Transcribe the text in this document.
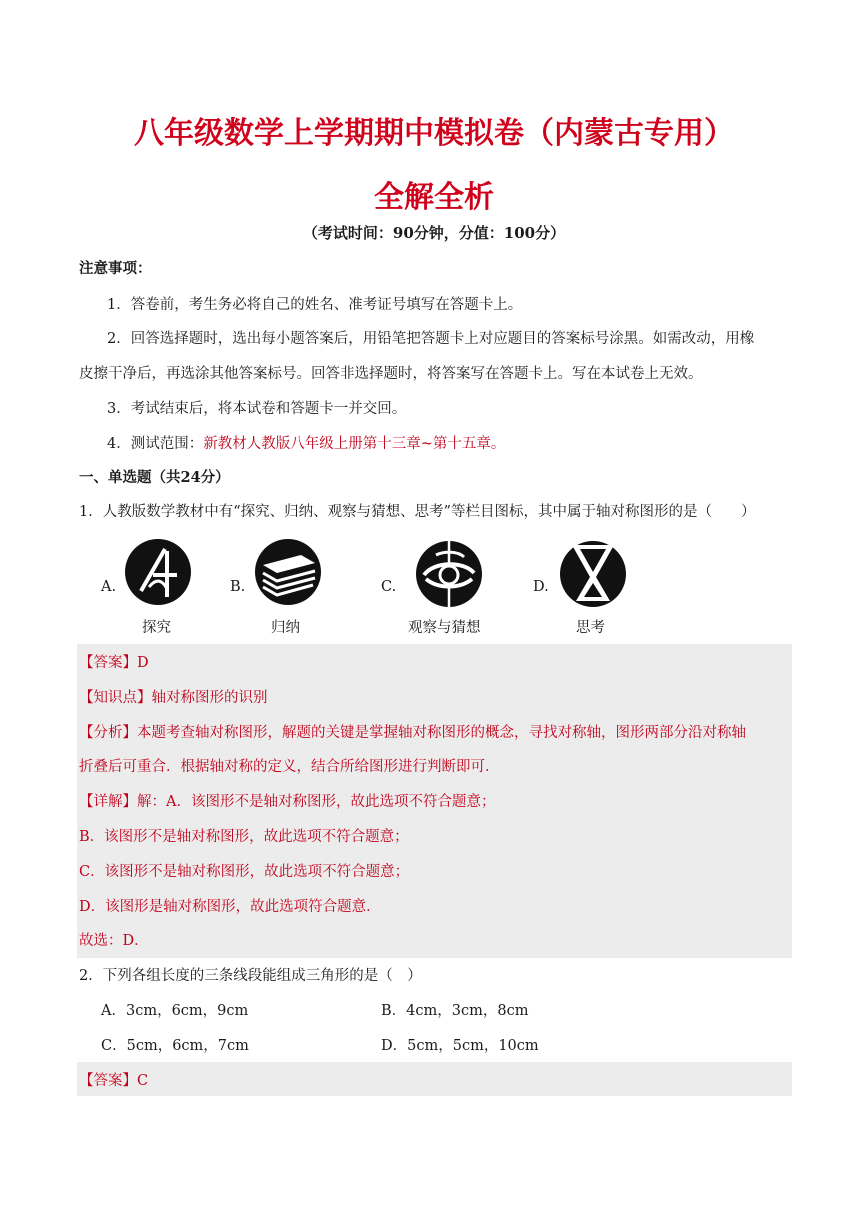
八年级数学上学期期中模拟卷（内蒙古专用）
全解全析
（考试时间：90分钟，分值：100分）
注意事项：
1．答卷前，考生务必将自己的姓名、准考证号填写在答题卡上。
2．回答选择题时，选出每小题答案后，用铅笔把答题卡上对应题目的答案标号涂黑。如需改动，用橡
皮擦干净后，再选涂其他答案标号。回答非选择题时，将答案写在答题卡上。写在本试卷上无效。
3．考试结束后，将本试卷和答题卡一并交回。
4．测试范围：新教材人教版八年级上册第十三章~第十五章。
一、单选题（共24分）
1．人教版数学教材中有“探究、归纳、观察与猜想、思考”等栏目图标，其中属于轴对称图形的是（　　）
A.
探究
B.
归纳
C.
观察与猜想
D.
思考
【答案】D
【知识点】轴对称图形的识别
【分析】本题考查轴对称图形，解题的关键是掌握轴对称图形的概念，寻找对称轴，图形两部分沿对称轴
折叠后可重合．根据轴对称的定义，结合所给图形进行判断即可．
【详解】解：A．该图形不是轴对称图形，故此选项不符合题意；
B．该图形不是轴对称图形，故此选项不符合题意；
C．该图形不是轴对称图形，故此选项不符合题意；
D．该图形是轴对称图形，故此选项符合题意．
故选：D．
2．下列各组长度的三条线段能组成三角形的是（　）
A．3cm，6cm，9cm	B．4cm，3cm，8cm
C．5cm，6cm，7cm	D．5cm，5cm，10cm
【答案】C
